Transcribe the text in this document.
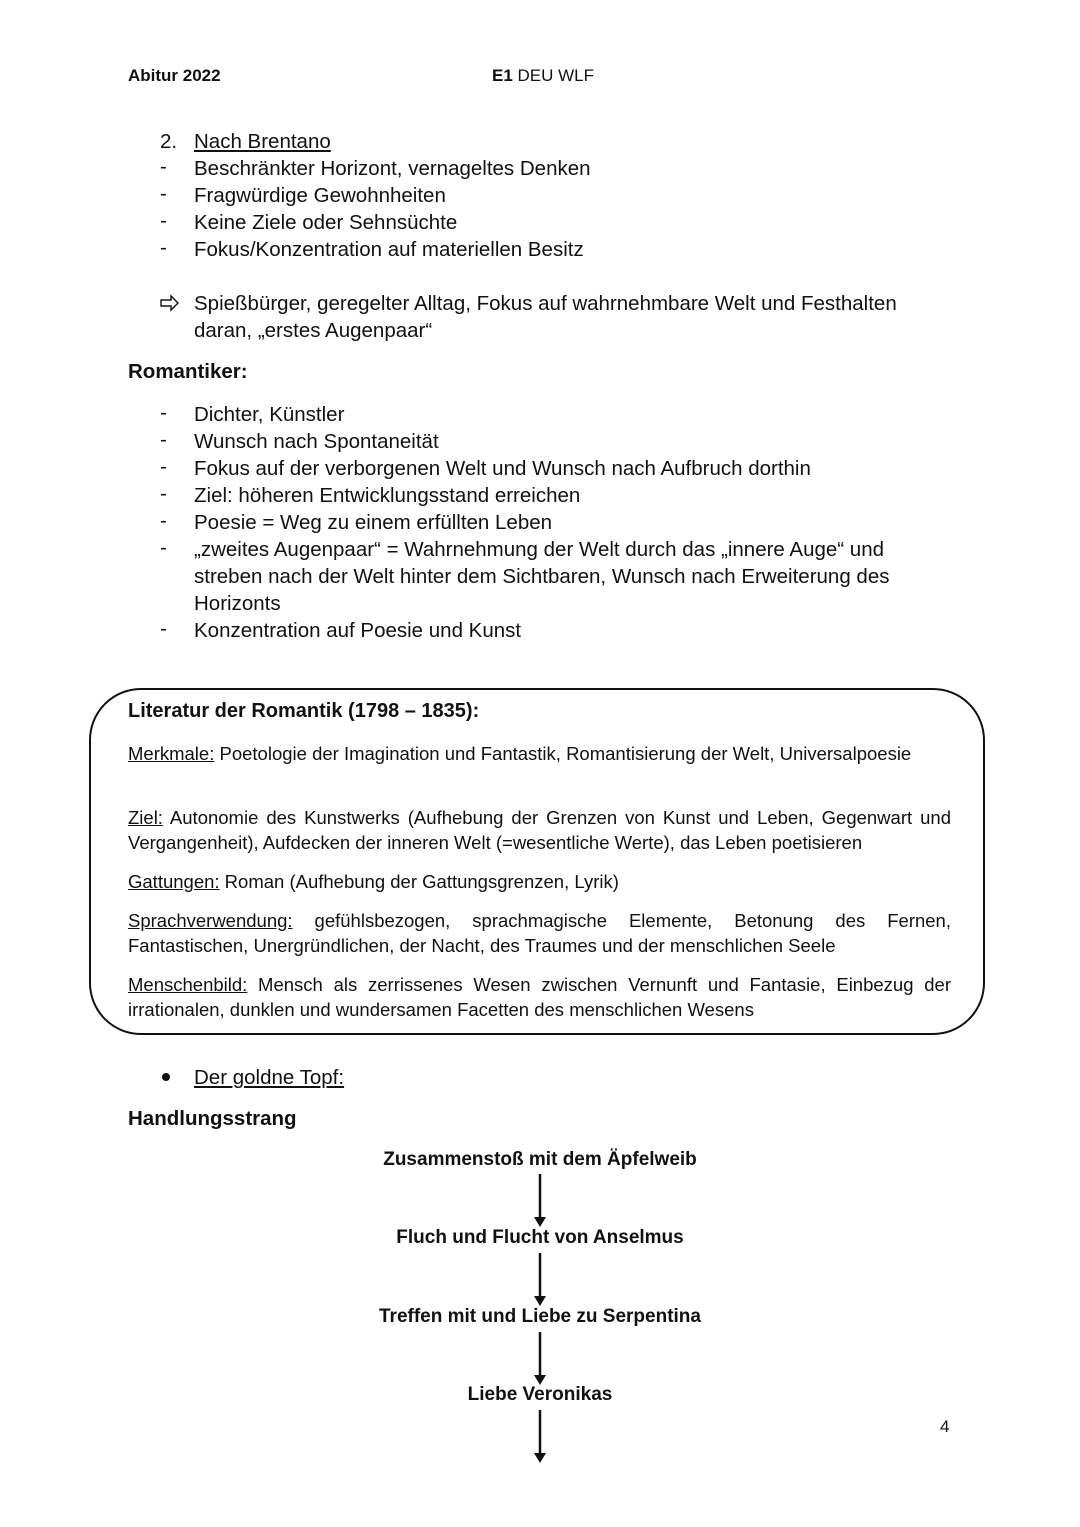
Abitur 2022	E1 DEU WLF
2. Nach Brentano
- Beschränkter Horizont, vernageltes Denken
- Fragwürdige Gewohnheiten
- Keine Ziele oder Sehnsüchte
- Fokus/Konzentration auf materiellen Besitz
Spießbürger, geregelter Alltag, Fokus auf wahrnehmbare Welt und Festhalten
daran, „erstes Augenpaar“
Romantiker:
- Dichter, Künstler
- Wunsch nach Spontaneität
- Fokus auf der verborgenen Welt und Wunsch nach Aufbruch dorthin
- Ziel: höheren Entwicklungsstand erreichen
- Poesie = Weg zu einem erfüllten Leben
- „zweites Augenpaar“ = Wahrnehmung der Welt durch das „innere Auge“ und
streben nach der Welt hinter dem Sichtbaren, Wunsch nach Erweiterung des
Horizonts
- Konzentration auf Poesie und Kunst
Literatur der Romantik (1798 – 1835):
Merkmale: Poetologie der Imagination und Fantastik, Romantisierung der Welt, Universalpoesie
Ziel: Autonomie des Kunstwerks (Aufhebung der Grenzen von Kunst und Leben, Gegenwart und Vergangenheit), Aufdecken der inneren Welt (=wesentliche Werte), das Leben poetisieren
Gattungen: Roman (Aufhebung der Gattungsgrenzen, Lyrik)
Sprachverwendung: gefühlsbezogen, sprachmagische Elemente, Betonung des Fernen, Fantastischen, Unergründlichen, der Nacht, des Traumes und der menschlichen Seele
Menschenbild: Mensch als zerrissenes Wesen zwischen Vernunft und Fantasie, Einbezug der irrationalen, dunklen und wundersamen Facetten des menschlichen Wesens
Der goldne Topf:
Handlungsstrang
Zusammenstoß mit dem Äpfelweib
Fluch und Flucht von Anselmus
Treffen mit und Liebe zu Serpentina
Liebe Veronikas
4
